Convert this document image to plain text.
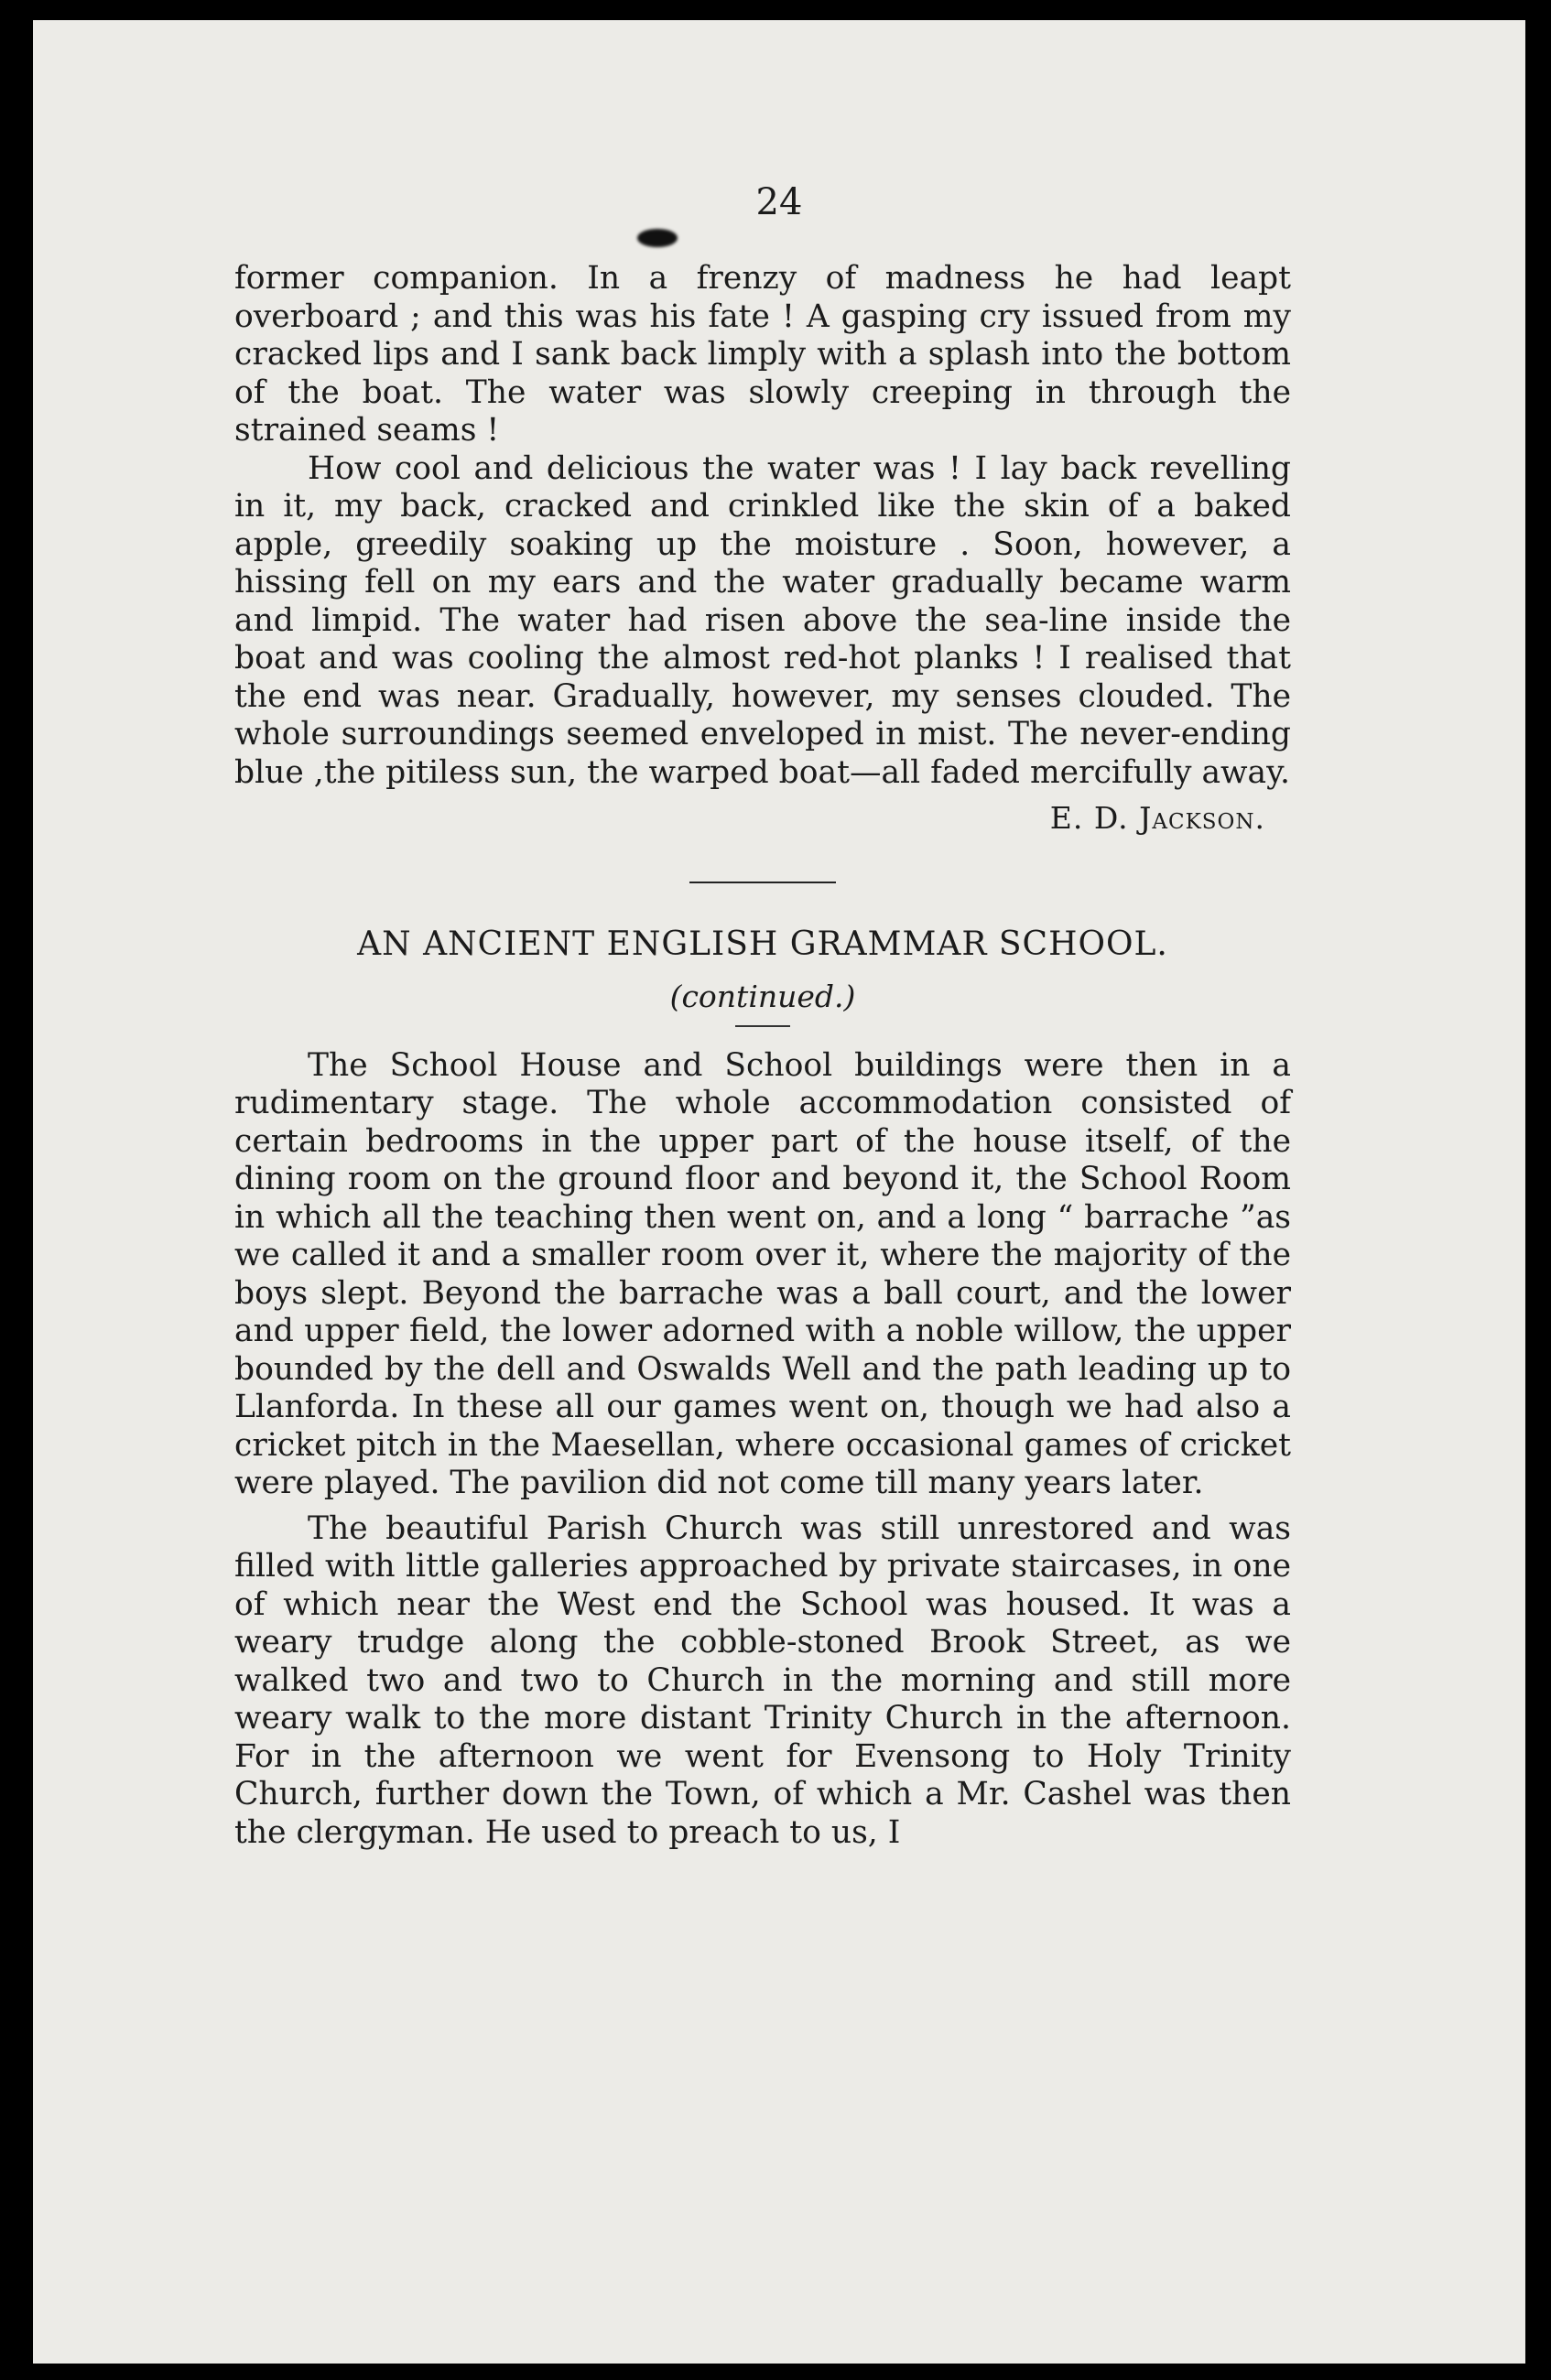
24

former companion. In a frenzy of madness he had leapt overboard ; and this was his fate ! A gasping cry issued from my cracked lips and I sank back limply with a splash into the bottom of the boat. The water was slowly creeping in through the strained seams !

How cool and delicious the water was ! I lay back revelling in it, my back, cracked and crinkled like the skin of a baked apple, greedily soaking up the moisture . Soon, however, a hissing fell on my ears and the water gradually became warm and limpid. The water had risen above the sea-line inside the boat and was cooling the almost red-hot planks ! I realised that the end was near. Gradually, however, my senses clouded. The whole surroundings seemed enveloped in mist. The never-ending blue ,the pitiless sun, the warped boat—all faded mercifully away.

E. D. Jackson.
AN ANCIENT ENGLISH GRAMMAR SCHOOL.
(continued.)

The School House and School buildings were then in a rudimentary stage. The whole accommodation consisted of certain bedrooms in the upper part of the house itself, of the dining room on the ground floor and beyond it, the School Room in which all the teaching then went on, and a long “ barrache ”as we called it and a smaller room over it, where the majority of the boys slept. Beyond the barrache was a ball court, and the lower and upper field, the lower adorned with a noble willow, the upper bounded by the dell and Oswalds Well and the path leading up to Llanforda. In these all our games went on, though we had also a cricket pitch in the Maesellan, where occasional games of cricket were played. The pavilion did not come till many years later.

The beautiful Parish Church was still unrestored and was filled with little galleries approached by private staircases, in one of which near the West end the School was housed. It was a weary trudge along the cobble-stoned Brook Street, as we walked two and two to Church in the morning and still more weary walk to the more distant Trinity Church in the afternoon. For in the afternoon we went for Evensong to Holy Trinity Church, further down the Town, of which a Mr. Cashel was then the clergyman. He used to preach to us, I
